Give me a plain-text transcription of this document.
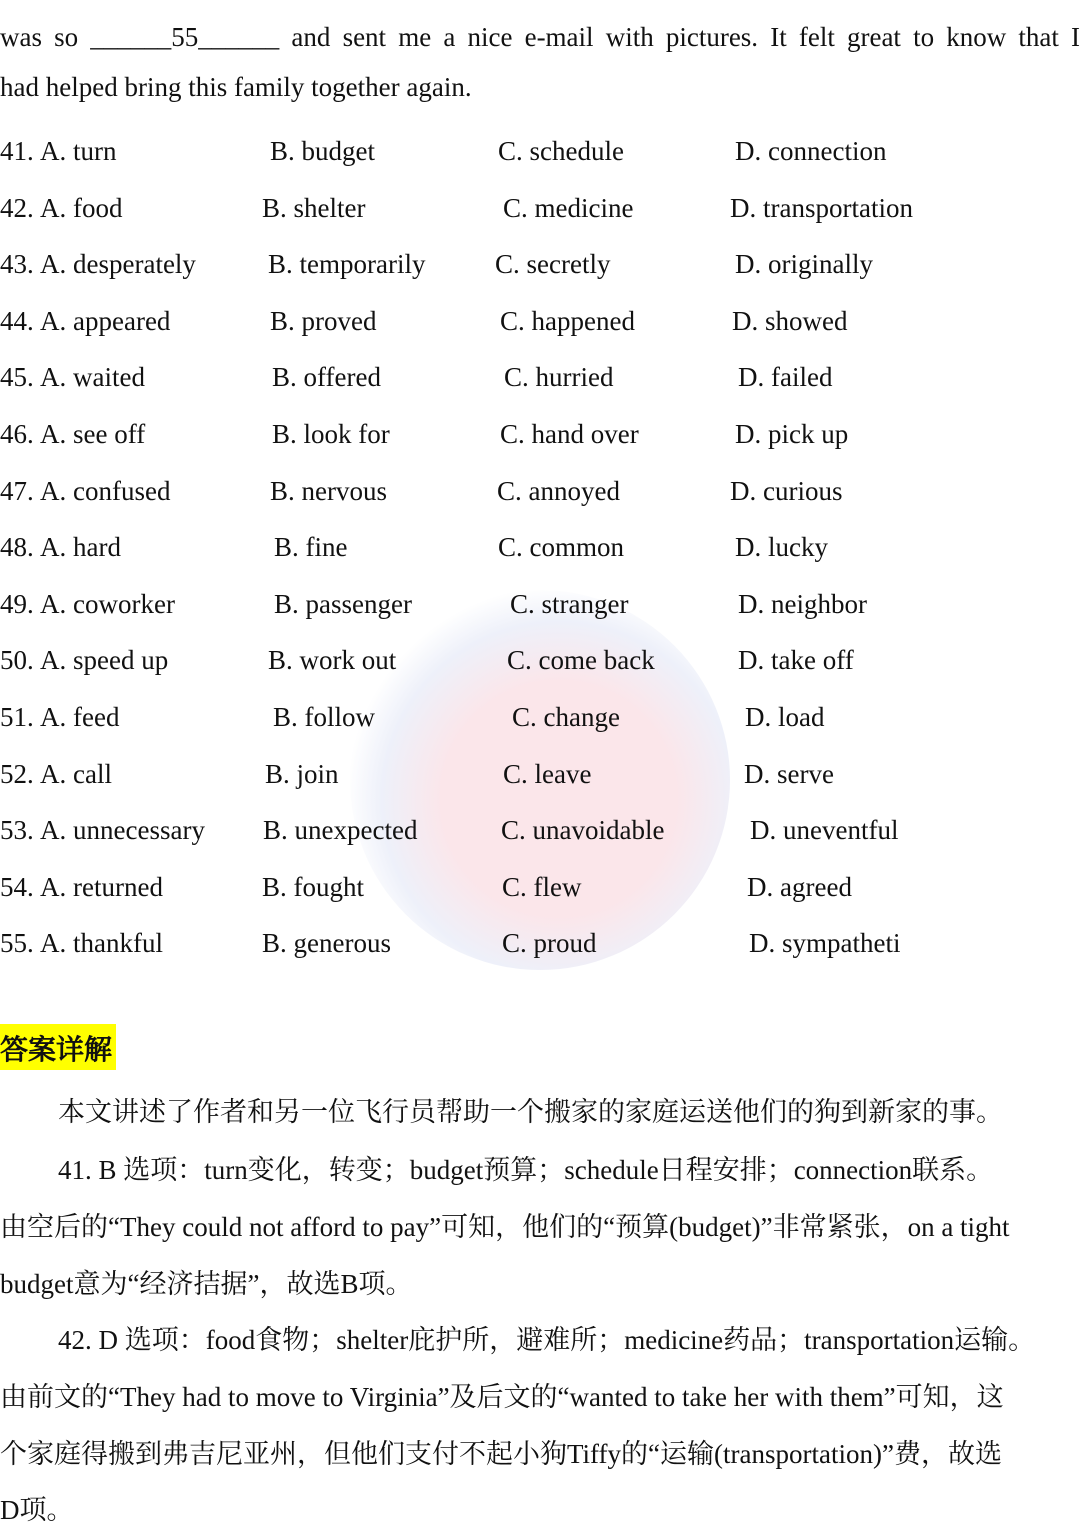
was so ______55______ and sent me a nice e-mail with pictures. It felt great to know that I
had helped bring this family together again.
41. A. turn	B. budget	C. schedule	D. connection
42. A. food	B. shelter	C. medicine	D. transportation
43. A. desperately	B. temporarily	C. secretly	D. originally
44. A. appeared	B. proved	C. happened	D. showed
45. A. waited	B. offered	C. hurried	D. failed
46. A. see off	B. look for	C. hand over	D. pick up
47. A. confused	B. nervous	C. annoyed	D. curious
48. A. hard	B. fine	C. common	D. lucky
49. A. coworker	B. passenger	C. stranger	D. neighbor
50. A. speed up	B. work out	C. come back	D. take off
51. A. feed	B. follow	C. change	D. load
52. A. call	B. join	C. leave	D. serve
53. A. unnecessary B. unexpected	C. unavoidable	D. uneventful
54. A. returned	B. fought	C. flew	D. agreed
55. A. thankful	B. generous	C. proud	D. sympatheti
答案详解
本文讲述了作者和另一位飞行员帮助一个搬家的家庭运送他们的狗到新家的事。
41. B 选项：turn变化，转变；budget预算；schedule日程安排；connection联系。
由空后的“They could not afford to pay”可知，他们的“预算(budget)”非常紧张，on a tight
budget意为“经济拮据”，故选B项。
42. D 选项：food食物；shelter庇护所，避难所；medicine药品；transportation运输。
由前文的“They had to move to Virginia”及后文的“wanted to take her with them”可知，这
个家庭得搬到弗吉尼亚州，但他们支付不起小狗Tiffy的“运输(transportation)”费，故选
D项。
